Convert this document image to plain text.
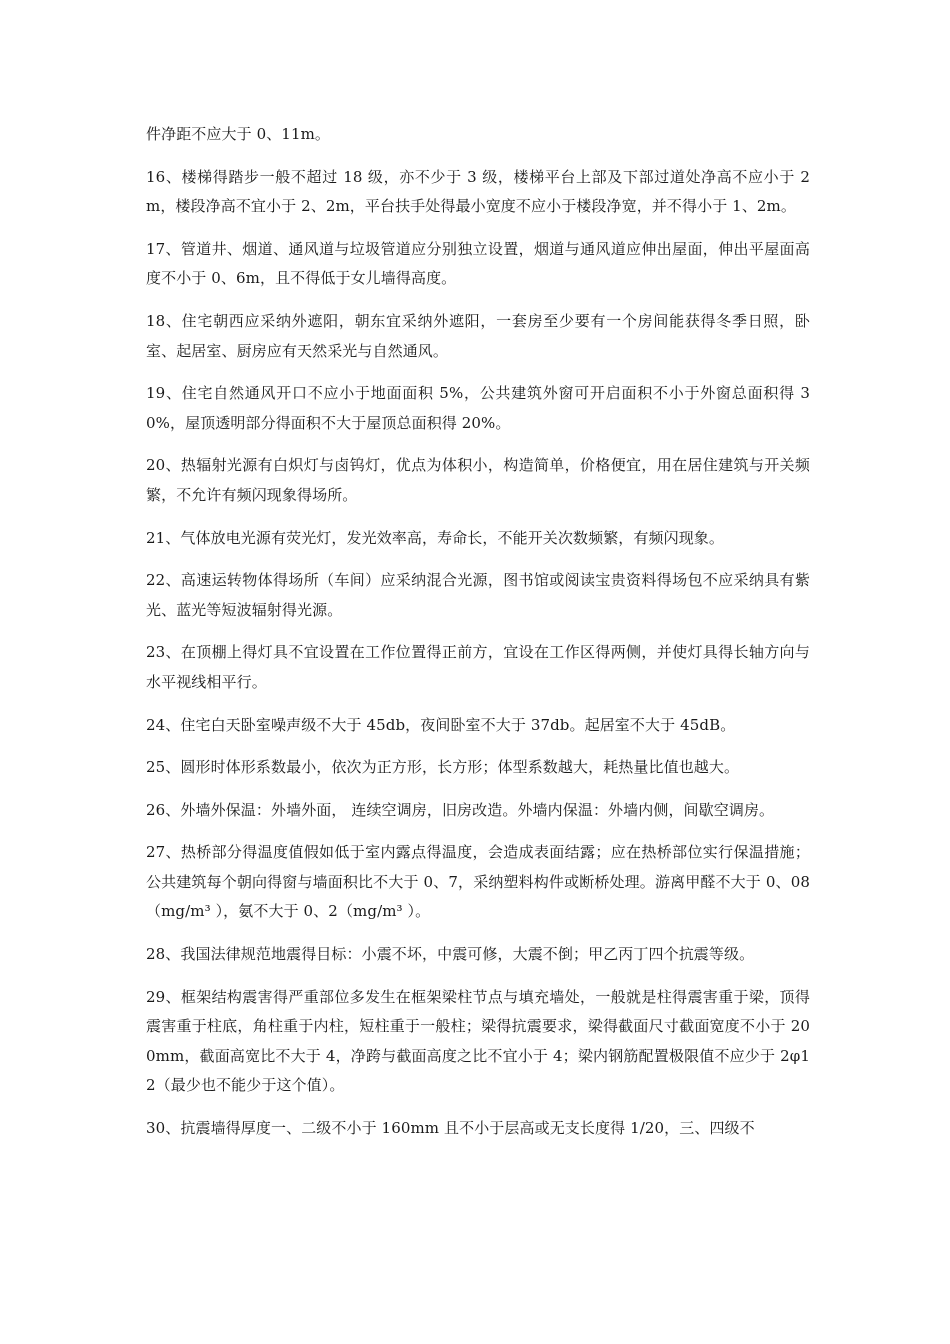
件净距不应大于 0、11m。

16、楼梯得踏步一般不超过 18 级，亦不少于 3 级，楼梯平台上部及下部过道处净高不应小于 2m，楼段净高不宜小于 2、2m，平台扶手处得最小宽度不应小于楼段净宽，并不得小于 1、2m。

17、管道井、烟道、通风道与垃圾管道应分别独立设置，烟道与通风道应伸出屋面，伸出平屋面高度不小于 0、6m，且不得低于女儿墙得高度。

18、住宅朝西应采纳外遮阳，朝东宜采纳外遮阳，一套房至少要有一个房间能获得冬季日照，卧室、起居室、厨房应有天然采光与自然通风。

19、住宅自然通风开口不应小于地面面积 5%，公共建筑外窗可开启面积不小于外窗总面积得 30%，屋顶透明部分得面积不大于屋顶总面积得 20%。

20、热辐射光源有白炽灯与卤钨灯，优点为体积小，构造简单，价格便宜，用在居住建筑与开关频繁，不允许有频闪现象得场所。

21、气体放电光源有荧光灯，发光效率高，寿命长，不能开关次数频繁，有频闪现象。

22、高速运转物体得场所（车间）应采纳混合光源，图书馆或阅读宝贵资料得场包不应采纳具有紫光、蓝光等短波辐射得光源。

23、在顶棚上得灯具不宜设置在工作位置得正前方，宜设在工作区得两侧，并使灯具得长轴方向与水平视线相平行。

24、住宅白天卧室噪声级不大于 45db，夜间卧室不大于 37db。起居室不大于 45dB。

25、圆形时体形系数最小，依次为正方形，长方形；体型系数越大，耗热量比值也越大。

26、外墙外保温：外墙外面， 连续空调房，旧房改造。外墙内保温：外墙内侧，间歇空调房。

27、热桥部分得温度值假如低于室内露点得温度，会造成表面结露；应在热桥部位实行保温措施；公共建筑每个朝向得窗与墙面积比不大于 0、7，采纳塑料构件或断桥处理。游离甲醛不大于 0、08（mg/m³ ），氨不大于 0、2（mg/m³ ）。

28、我国法律规范地震得目标：小震不坏，中震可修，大震不倒；甲乙丙丁四个抗震等级。

29、框架结构震害得严重部位多发生在框架梁柱节点与填充墙处，一般就是柱得震害重于梁，顶得震害重于柱底，角柱重于内柱，短柱重于一般柱；梁得抗震要求，梁得截面尺寸截面宽度不小于 200mm，截面高宽比不大于 4，净跨与截面高度之比不宜小于 4；梁内钢筋配置极限值不应少于 2φ12（最少也不能少于这个值）。

30、抗震墙得厚度一、二级不小于 160mm 且不小于层高或无支长度得 1/20，三、四级不
